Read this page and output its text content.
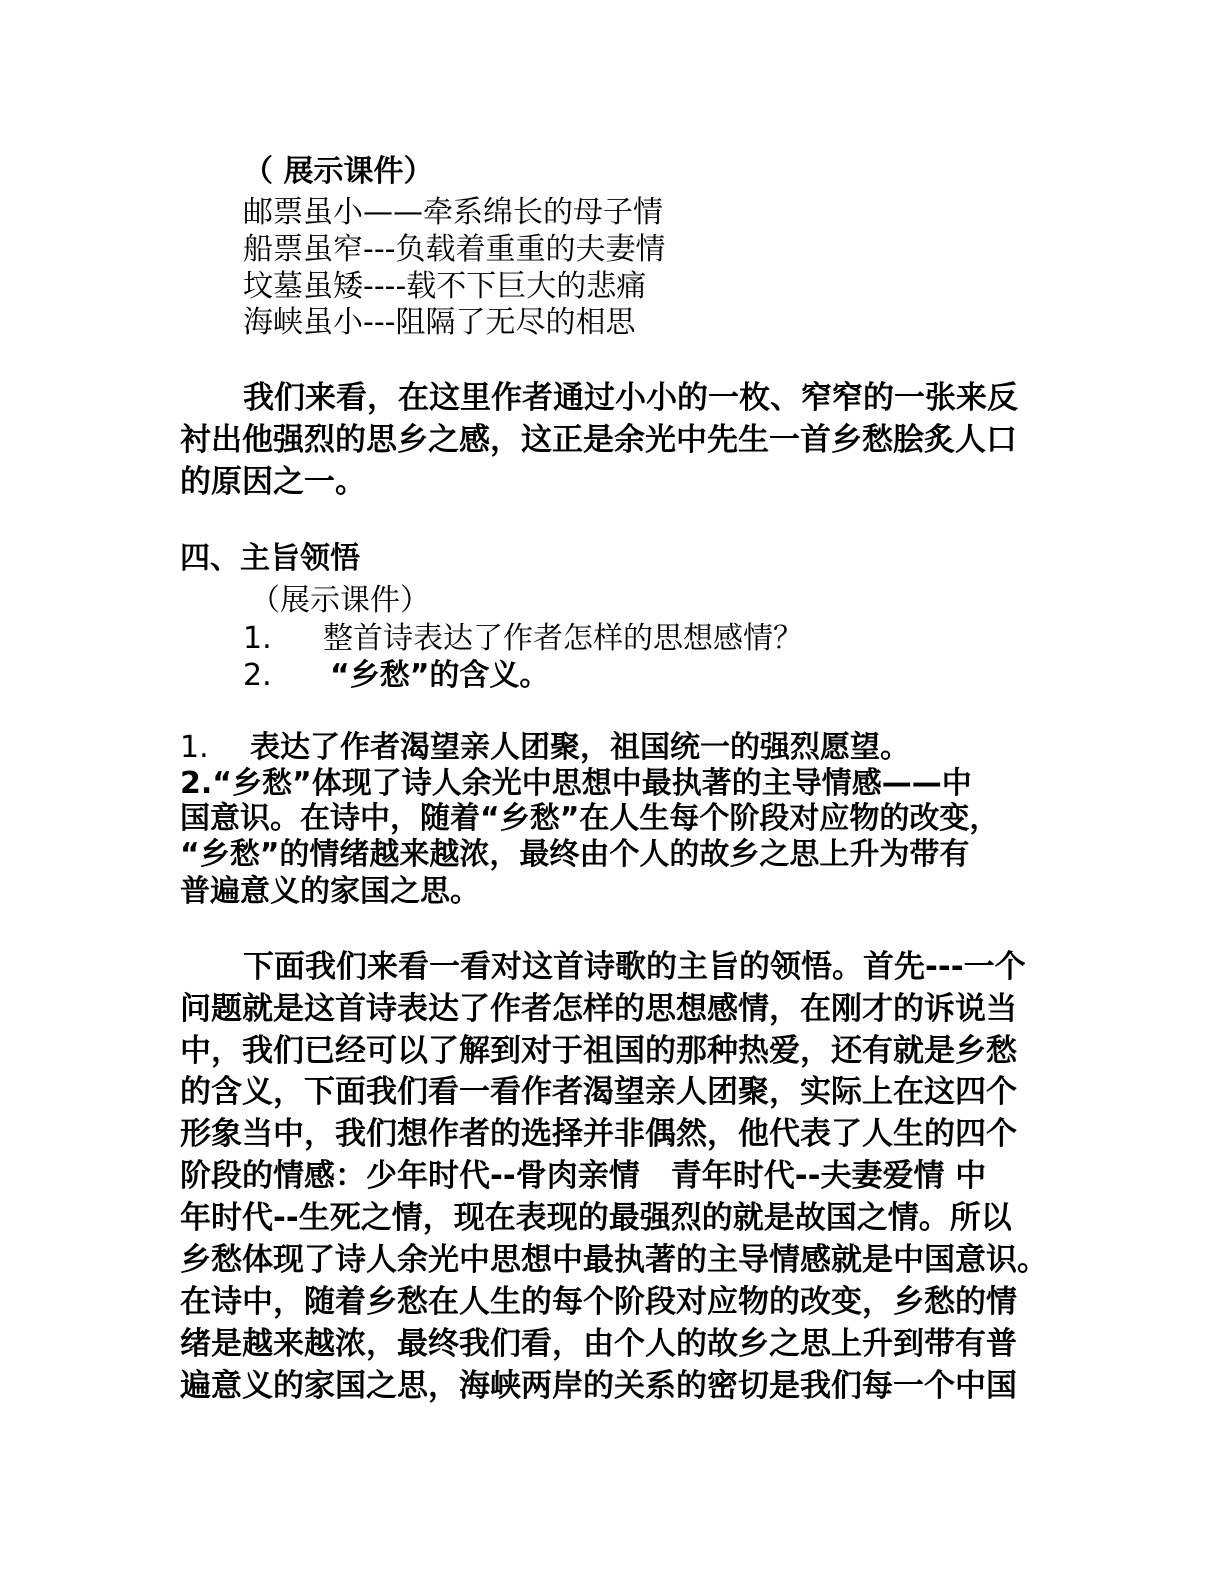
（ 展示课件）
邮票虽小——牵系绵长的母子情
船票虽窄---负载着重重的夫妻情
坟墓虽矮----载不下巨大的悲痛
海峡虽小---阻隔了无尽的相思
我们来看，在这里作者通过小小的一枚、窄窄的一张来反
衬出他强烈的思乡之感，这正是余光中先生一首乡愁脍炙人口
的原因之一。
四、主旨领悟
（展示课件）
1. 整首诗表达了作者怎样的思想感情？
2. “乡愁”的含义。
1. 表达了作者渴望亲人团聚，祖国统一的强烈愿望。
2.“乡愁”体现了诗人余光中思想中最执著的主导情感——中
国意识。在诗中，随着“乡愁”在人生每个阶段对应物的改变，
“乡愁”的情绪越来越浓，最终由个人的故乡之思上升为带有
普遍意义的家国之思。
下面我们来看一看对这首诗歌的主旨的领悟。首先---一个
问题就是这首诗表达了作者怎样的思想感情，在刚才的诉说当
中，我们已经可以了解到对于祖国的那种热爱，还有就是乡愁
的含义，下面我们看一看作者渴望亲人团聚，实际上在这四个
形象当中，我们想作者的选择并非偶然，他代表了人生的四个
阶段的情感：少年时代--骨肉亲情　青年时代--夫妻爱情 中
年时代--生死之情，现在表现的最强烈的就是故国之情。所以
乡愁体现了诗人余光中思想中最执著的主导情感就是中国意识。
在诗中，随着乡愁在人生的每个阶段对应物的改变，乡愁的情
绪是越来越浓，最终我们看，由个人的故乡之思上升到带有普
遍意义的家国之思，海峡两岸的关系的密切是我们每一个中国
